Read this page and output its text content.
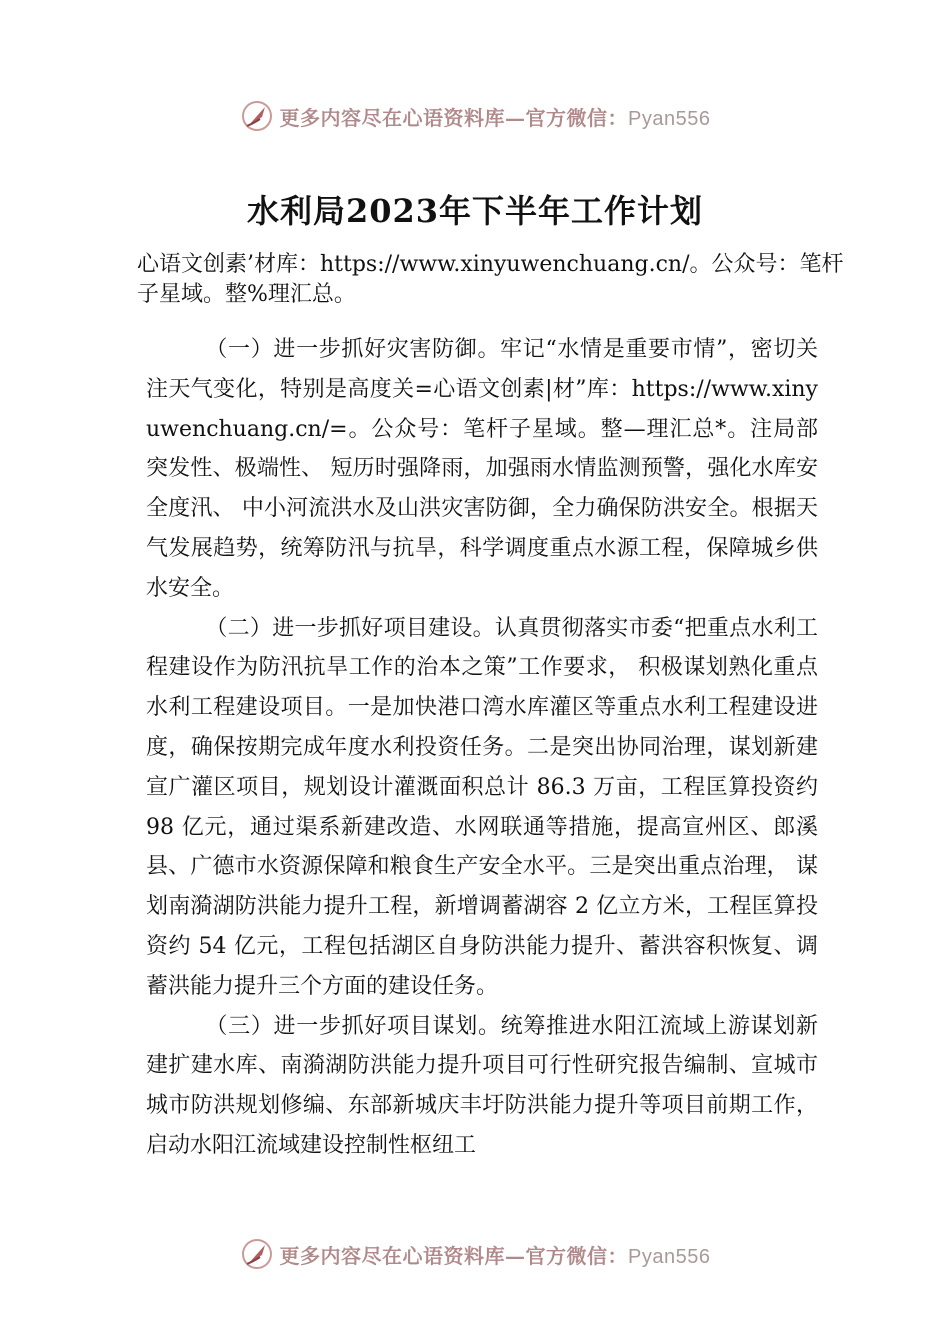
更多内容尽在心语资料库—官方微信：Pyan556
水利局2023年下半年工作计划
心语文创素’材库：https://www.xinyuwenchuang.cn/。公众号：笔杆子星域。整%理汇总。

（一）进一步抓好灾害防御。牢记“水情是重要市情”，密切关注天气变化，特别是高度关=心语文创素|材”库：https://www.xinyuwenchuang.cn/=。公众号：笔杆子星域。整—理汇总*。注局部突发性、极端性、 短历时强降雨，加强雨水情监测预警，强化水库安全度汛、 中小河流洪水及山洪灾害防御，全力确保防洪安全。根据天气发展趋势，统筹防汛与抗旱，科学调度重点水源工程，保障城乡供水安全。

（二）进一步抓好项目建设。认真贯彻落实市委“把重点水利工程建设作为防汛抗旱工作的治本之策”工作要求， 积极谋划熟化重点水利工程建设项目。一是加快港口湾水库灌区等重点水利工程建设进度，确保按期完成年度水利投资任务。二是突出协同治理，谋划新建宣广灌区项目，规划设计灌溉面积总计 86.3 万亩，工程匡算投资约 98 亿元，通过渠系新建改造、水网联通等措施，提高宣州区、郎溪县、广德市水资源保障和粮食生产安全水平。三是突出重点治理， 谋划南漪湖防洪能力提升工程，新增调蓄湖容 2 亿立方米，工程匡算投资约 54 亿元，工程包括湖区自身防洪能力提升、蓄洪容积恢复、调蓄洪能力提升三个方面的建设任务。

（三）进一步抓好项目谋划。统筹推进水阳江流域上游谋划新建扩建水库、南漪湖防洪能力提升项目可行性研究报告编制、宣城市城市防洪规划修编、东部新城庆丰圩防洪能力提升等项目前期工作，启动水阳江流域建设控制性枢纽工

更多内容尽在心语资料库—官方微信：Pyan556
